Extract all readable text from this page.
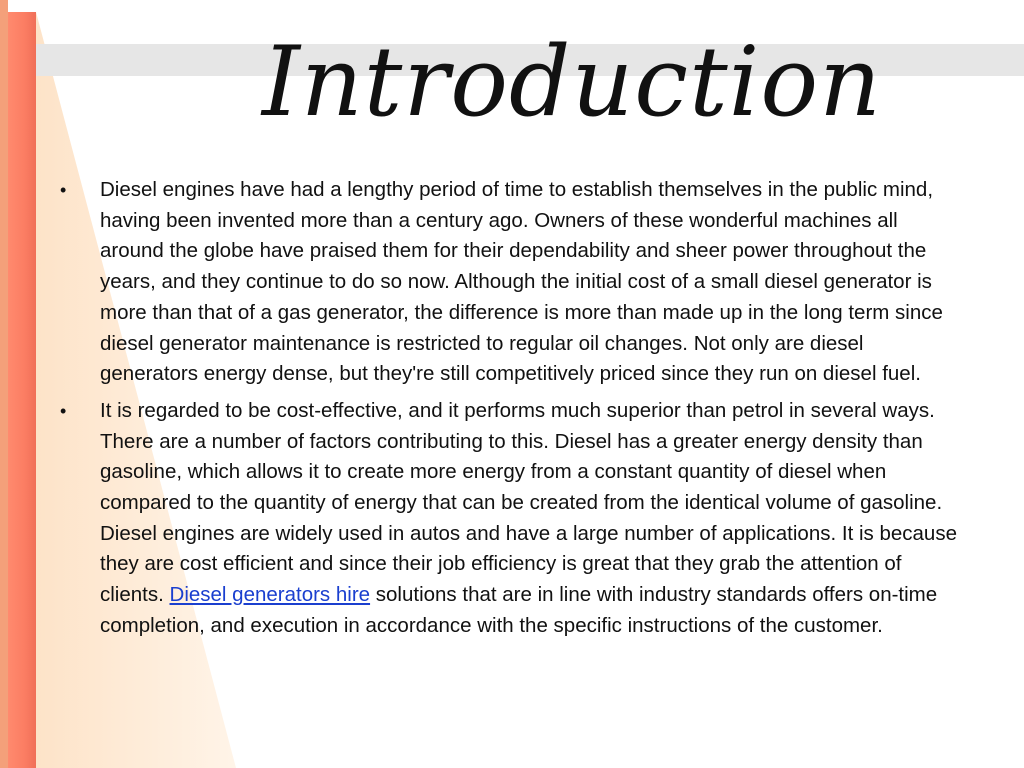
Introduction
•	Diesel engines have had a lengthy period of time to establish themselves in the public mind, having been invented more than a century ago. Owners of these wonderful machines all around the globe have praised them for their dependability and sheer power throughout the years, and they continue to do so now. Although the initial cost of a small diesel generator is more than that of a gas generator, the difference is more than made up in the long term since diesel generator maintenance is restricted to regular oil changes. Not only are diesel generators energy dense, but they're still competitively priced since they run on diesel fuel.
•	It is regarded to be cost-effective, and it performs much superior than petrol in several ways. There are a number of factors contributing to this. Diesel has a greater energy density than gasoline, which allows it to create more energy from a constant quantity of diesel when compared to the quantity of energy that can be created from the identical volume of gasoline. Diesel engines are widely used in autos and have a large number of applications. It is because they are cost efficient and since their job efficiency is great that they grab the attention of clients. Diesel generators hire solutions that are in line with industry standards offers on-time completion, and execution in accordance with the specific instructions of the customer.
